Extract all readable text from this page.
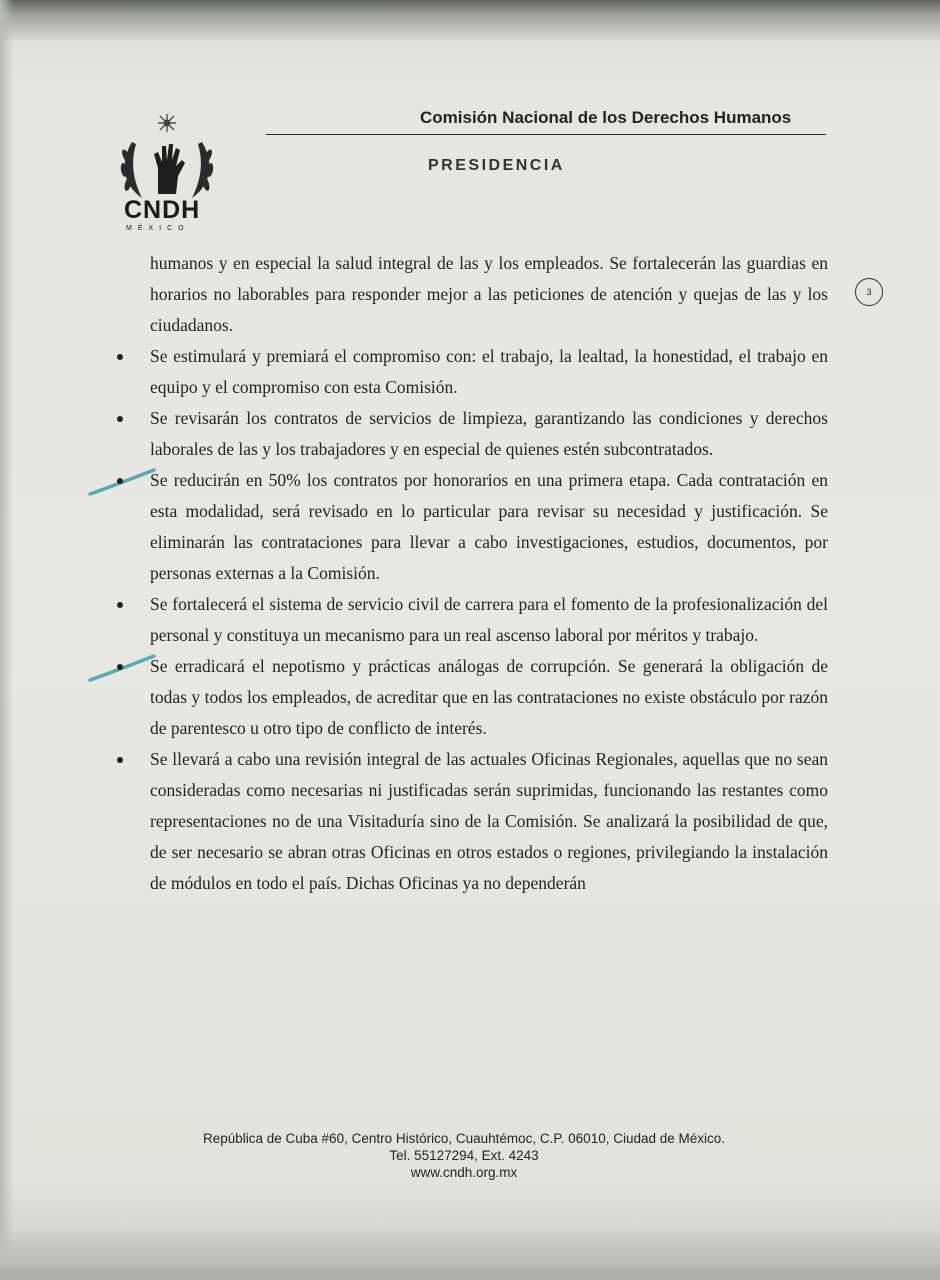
CNDH
MÉXICO
Comisión Nacional de los Derechos Humanos
PRESIDENCIA
3

humanos y en especial la salud integral de las y los empleados. Se fortalecerán las guardias en horarios no laborables para responder mejor a las peticiones de atención y quejas de las y los ciudadanos.

Se estimulará y premiará el compromiso con: el trabajo, la lealtad, la honestidad, el trabajo en equipo y el compromiso con esta Comisión.
Se revisarán los contratos de servicios de limpieza, garantizando las condiciones y derechos laborales de las y los trabajadores y en especial de quienes estén subcontratados.
Se reducirán en 50% los contratos por honorarios en una primera etapa. Cada contratación en esta modalidad, será revisado en lo particular para revisar su necesidad y justificación. Se eliminarán las contrataciones para llevar a cabo investigaciones, estudios, documentos, por personas externas a la Comisión.
Se fortalecerá el sistema de servicio civil de carrera para el fomento de la profesionalización del personal y constituya un mecanismo para un real ascenso laboral por méritos y trabajo.
Se erradicará el nepotismo y prácticas análogas de corrupción. Se generará la obligación de todas y todos los empleados, de acreditar que en las contrataciones no existe obstáculo por razón de parentesco u otro tipo de conflicto de interés.
Se llevará a cabo una revisión integral de las actuales Oficinas Regionales, aquellas que no sean consideradas como necesarias ni justificadas serán suprimidas, funcionando las restantes como representaciones no de una Visitaduría sino de la Comisión. Se analizará la posibilidad de que, de ser necesario se abran otras Oficinas en otros estados o regiones, privilegiando la instalación de módulos en todo el país. Dichas Oficinas ya no dependerán
República de Cuba #60, Centro Histórico, Cuauhtémoc, C.P. 06010, Ciudad de México.
Tel. 55127294, Ext. 4243
www.cndh.org.mx
